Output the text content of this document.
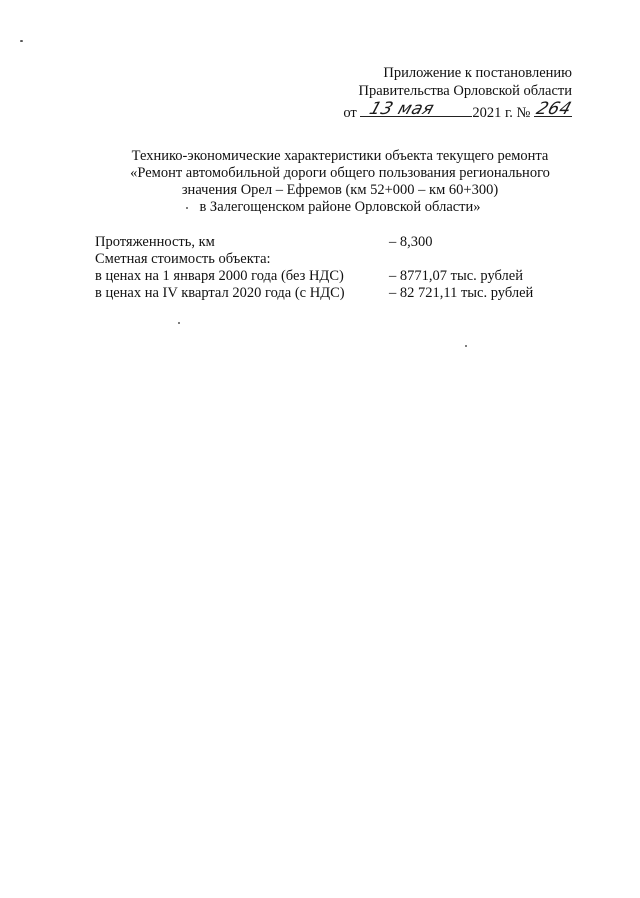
Приложение к постановлению
Правительства Орловской области
от 13 мая 2021 г. № 264
Технико-экономические характеристики объекта текущего ремонта
«Ремонт автомобильной дороги общего пользования регионального
значения Орел – Ефремов (км 52+000 – км 60+300)
в Залегощенском районе Орловской области»
Протяженность, км	– 8,300
Сметная стоимость объекта:
в ценах на 1 января 2000 года (без НДС)	– 8771,07 тыс. рублей
в ценах на IV квартал 2020 года (с НДС)	– 82 721,11 тыс. рублей
